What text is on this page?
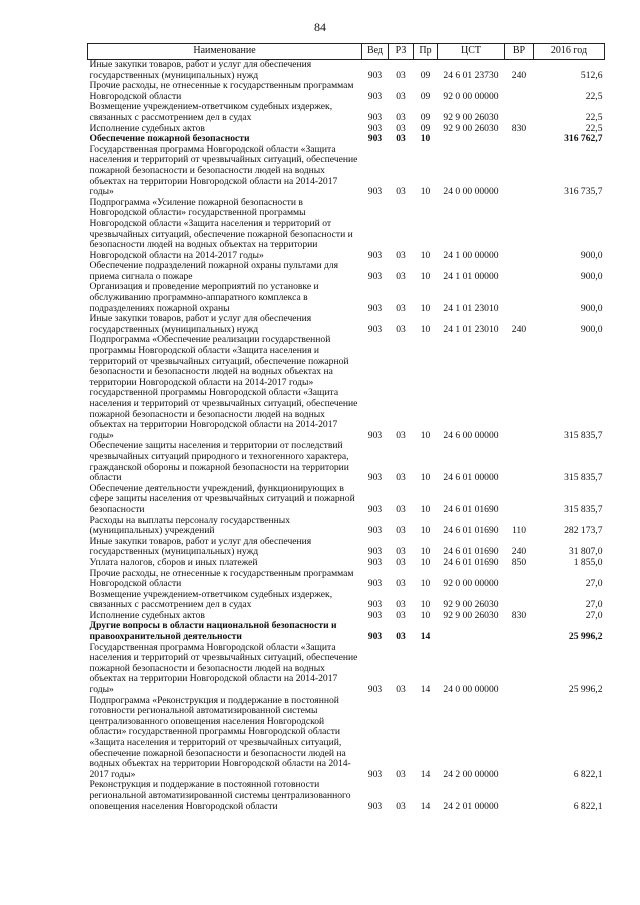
84
Наименование	Вед	РЗ	Пр	ЦСТ	ВР	2016 год
Иные закупки товаров, работ и услуг для обеспечения государственных (муниципальных) нужд	903	03	09	24 6 01 23730	240	512,6
Прочие расходы, не отнесенные к государственным программам Новгородской области	903	03	09	92 0 00 00000		22,5
Возмещение учреждением-ответчиком судебных издержек, связанных с рассмотрением дел в судах	903	03	09	92 9 00 26030		22,5
Исполнение судебных актов	903	03	09	92 9 00 26030	830	22,5
Обеспечение пожарной безопасности	903	03	10			316 762,7
Государственная программа Новгородской области «Защита населения и территорий от чрезвычайных ситуаций, обеспечение пожарной безопасности и безопасности людей на водных объектах на территории Новгородской области на 2014-2017 годы»	903	03	10	24 0 00 00000		316 735,7
Подпрограмма «Усиление пожарной безопасности в Новгородской области» государственной программы Новгородской области «Защита населения и территорий от чрезвычайных ситуаций, обеспечение пожарной безопасности и безопасности людей на водных объектах на территории Новгородской области на 2014-2017 годы»	903	03	10	24 1 00 00000		900,0
Обеспечение подразделений пожарной охраны пультами для приема сигнала о пожаре	903	03	10	24 1 01 00000		900,0
Организация и проведение мероприятий по установке и обслуживанию программно-аппаратного комплекса в подразделениях пожарной охраны	903	03	10	24 1 01 23010		900,0
Иные закупки товаров, работ и услуг для обеспечения государственных (муниципальных) нужд	903	03	10	24 1 01 23010	240	900,0
Подпрограмма «Обеспечение реализации государственной программы Новгородской области «Защита населения и территорий от чрезвычайных ситуаций, обеспечение пожарной безопасности и безопасности людей на водных объектах на территории Новгородской области на 2014-2017 годы» государственной программы Новгородской области «Защита населения и территорий от чрезвычайных ситуаций, обеспечение пожарной безопасности и безопасности людей на водных объектах на территории Новгородской области на 2014-2017 годы»	903	03	10	24 6 00 00000		315 835,7
Обеспечение защиты населения и территории от последствий чрезвычайных ситуаций природного и техногенного характера, гражданской обороны и пожарной безопасности на территории области	903	03	10	24 6 01 00000		315 835,7
Обеспечение деятельности учреждений, функционирующих в сфере защиты населения от чрезвычайных ситуаций и пожарной безопасности	903	03	10	24 6 01 01690		315 835,7
Расходы на выплаты персоналу государственных (муниципальных) учреждений	903	03	10	24 6 01 01690	110	282 173,7
Иные закупки товаров, работ и услуг для обеспечения государственных (муниципальных) нужд	903	03	10	24 6 01 01690	240	31 807,0
Уплата налогов, сборов и иных платежей	903	03	10	24 6 01 01690	850	1 855,0
Прочие расходы, не отнесенные к государственным программам Новгородской области	903	03	10	92 0 00 00000		27,0
Возмещение учреждением-ответчиком судебных издержек, связанных с рассмотрением дел в судах	903	03	10	92 9 00 26030		27,0
Исполнение судебных актов	903	03	10	92 9 00 26030	830	27,0
Другие вопросы в области национальной безопасности и правоохранительной деятельности	903	03	14			25 996,2
Государственная программа Новгородской области «Защита населения и территорий от чрезвычайных ситуаций, обеспечение пожарной безопасности и безопасности людей на водных объектах на территории Новгородской области на 2014-2017 годы»	903	03	14	24 0 00 00000		25 996,2
Подпрограмма «Реконструкция и поддержание в постоянной готовности региональной автоматизированной системы централизованного оповещения населения Новгородской области» государственной программы Новгородской области «Защита населения и территорий от чрезвычайных ситуаций, обеспечение пожарной безопасности и безопасности людей на водных объектах на территории Новгородской области на 2014-2017 годы»	903	03	14	24 2 00 00000		6 822,1
Реконструкция и поддержание в постоянной готовности региональной автоматизированной системы централизованного оповещения населения Новгородской области	903	03	14	24 2 01 00000		6 822,1
